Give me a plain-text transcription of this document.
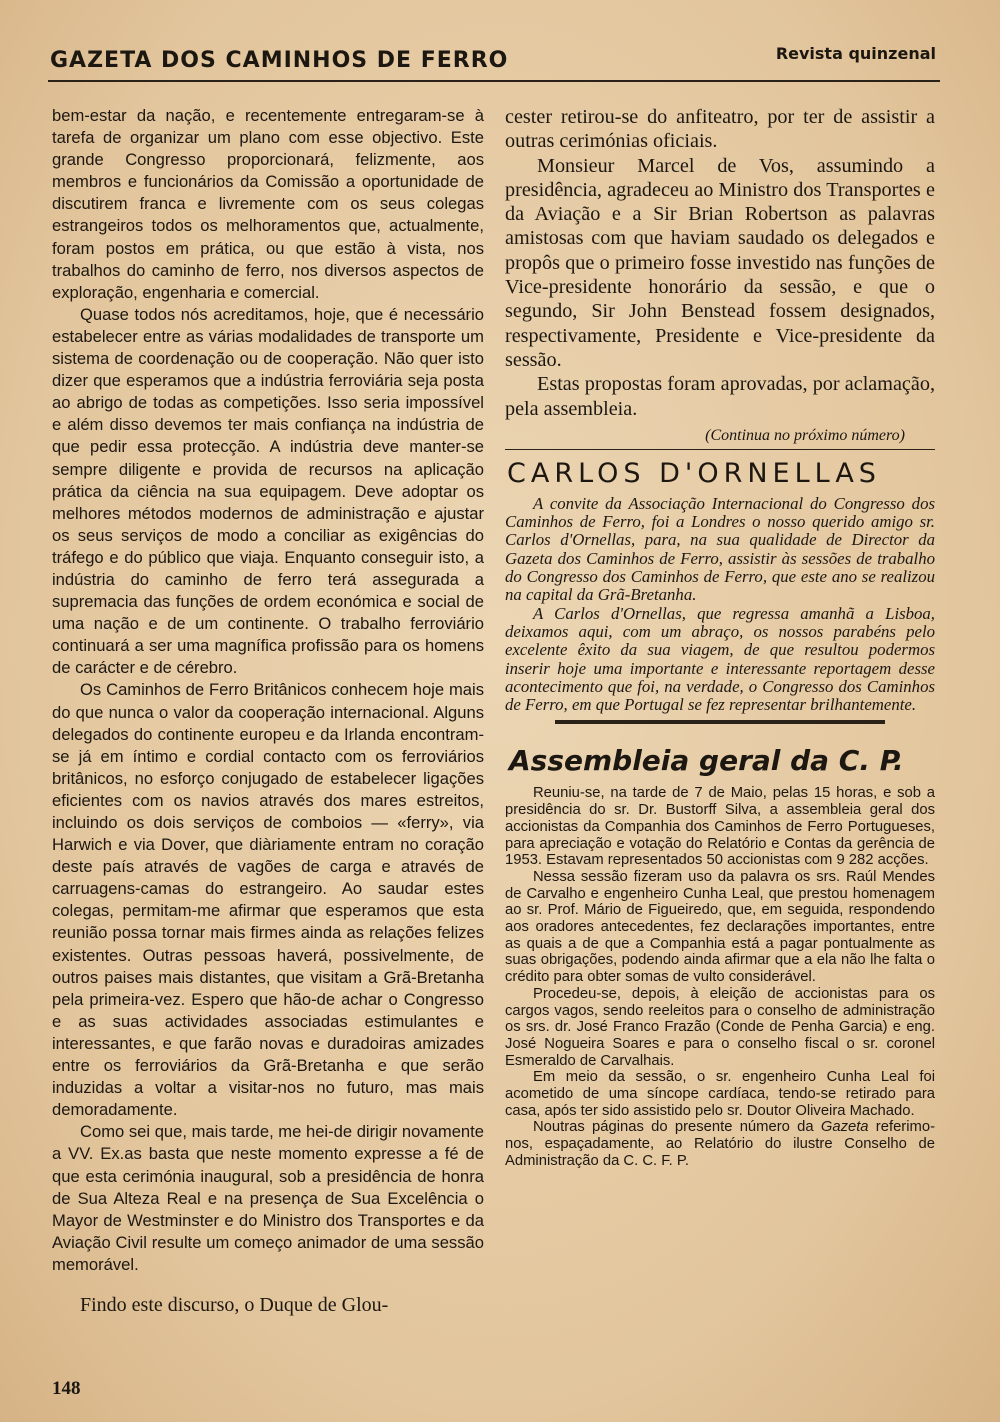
GAZETA DOS CAMINHOS DE FERRO	Revista quinzenal

bem-estar da nação, e recentemente entregaram-se à tarefa de organizar um plano com esse objectivo. Este grande Congresso proporcionará, felizmente, aos membros e funcionários da Comissão a oportunidade de discutirem franca e livremente com os seus colegas estrangeiros todos os melhoramentos que, actualmente, foram postos em prática, ou que estão à vista, nos trabalhos do caminho de ferro, nos diversos aspectos de exploração, engenharia e comercial.

Quase todos nós acreditamos, hoje, que é necessário estabelecer entre as várias modalidades de transporte um sistema de coordenação ou de cooperação. Não quer isto dizer que esperamos que a indústria ferroviária seja posta ao abrigo de todas as competições. Isso seria impossível e além disso devemos ter mais confiança na indústria de que pedir essa protecção. A indústria deve manter-se sempre diligente e provida de recursos na aplicação prática da ciência na sua equipagem. Deve adoptar os melhores métodos modernos de administração e ajustar os seus serviços de modo a conciliar as exigências do tráfego e do público que viaja. Enquanto conseguir isto, a indústria do caminho de ferro terá assegurada a supremacia das funções de ordem económica e social de uma nação e de um continente. O trabalho ferroviário continuará a ser uma magnífica profissão para os homens de carácter e de cérebro.

Os Caminhos de Ferro Britânicos conhecem hoje mais do que nunca o valor da cooperação internacional. Alguns delegados do continente europeu e da Irlanda encontram-se já em íntimo e cordial contacto com os ferroviários britânicos, no esforço conjugado de estabelecer ligações eficientes com os navios através dos mares estreitos, incluindo os dois serviços de comboios — «ferry», via Harwich e via Dover, que diàriamente entram no coração deste país através de vagões de carga e através de carruagens-camas do estrangeiro. Ao saudar estes colegas, permitam-me afirmar que esperamos que esta reunião possa tornar mais firmes ainda as relações felizes existentes. Outras pessoas haverá, possivelmente, de outros paises mais distantes, que visitam a Grã-Bretanha pela primeira-vez. Espero que hão-de achar o Congresso e as suas actividades associadas estimulantes e interessantes, e que farão novas e duradoiras amizades entre os ferroviários da Grã-Bretanha e que serão induzidas a voltar a visitar-nos no futuro, mas mais demoradamente.

Como sei que, mais tarde, me hei-de dirigir novamente a VV. Ex.as basta que neste momento expresse a fé de que esta cerimónia inaugural, sob a presidência de honra de Sua Alteza Real e na presença de Sua Excelência o Mayor de Westminster e do Ministro dos Transportes e da Aviação Civil resulte um começo animador de uma sessão memorável.

Findo este discurso, o Duque de Glou-

cester retirou-se do anfiteatro, por ter de assistir a outras cerimónias oficiais.

Monsieur Marcel de Vos, assumindo a presidência, agradeceu ao Ministro dos Transportes e da Aviação e a Sir Brian Robertson as palavras amistosas com que haviam saudado os delegados e propôs que o primeiro fosse investido nas funções de Vice-presidente honorário da sessão, e que o segundo, Sir John Benstead fossem designados, respectivamente, Presidente e Vice-presidente da sessão.

Estas propostas foram aprovadas, por aclamação, pela assembleia.

(Continua no próximo número)
CARLOS D'ORNELLAS

A convite da Associação Internacional do Congresso dos Caminhos de Ferro, foi a Londres o nosso querido amigo sr. Carlos d'Ornellas, para, na sua qualidade de Director da Gazeta dos Caminhos de Ferro, assistir às sessões de trabalho do Congresso dos Caminhos de Ferro, que este ano se realizou na capital da Grã-Bretanha.

A Carlos d'Ornellas, que regressa amanhã a Lisboa, deixamos aqui, com um abraço, os nossos parabéns pelo excelente êxito da sua viagem, de que resultou podermos inserir hoje uma importante e interessante reportagem desse acontecimento que foi, na verdade, o Congresso dos Caminhos de Ferro, em que Portugal se fez representar brilhantemente.

Assembleia geral da C. P.

Reuniu-se, na tarde de 7 de Maio, pelas 15 horas, e sob a presidência do sr. Dr. Bustorff Silva, a assembleia geral dos accionistas da Companhia dos Caminhos de Ferro Portugueses, para apreciação e votação do Relatório e Contas da gerência de 1953. Estavam representados 50 accionistas com 9 282 acções.

Nessa sessão fizeram uso da palavra os srs. Raúl Mendes de Carvalho e engenheiro Cunha Leal, que prestou homenagem ao sr. Prof. Mário de Figueiredo, que, em seguida, respondendo aos oradores antecedentes, fez declarações importantes, entre as quais a de que a Companhia está a pagar pontualmente as suas obrigações, podendo ainda afirmar que a ela não lhe falta o crédito para obter somas de vulto considerável.

Procedeu-se, depois, à eleição de accionistas para os cargos vagos, sendo reeleitos para o conselho de administração os srs. dr. José Franco Frazão (Conde de Penha Garcia) e eng. José Nogueira Soares e para o conselho fiscal o sr. coronel Esmeraldo de Carvalhais.

Em meio da sessão, o sr. engenheiro Cunha Leal foi acometido de uma síncope cardíaca, tendo-se retirado para casa, após ter sido assistido pelo sr. Doutor Oliveira Machado.

Noutras páginas do presente número da Gazeta referimo-nos, espaçadamente, ao Relatório do ilustre Conselho de Administração da C. C. F. P.

148
